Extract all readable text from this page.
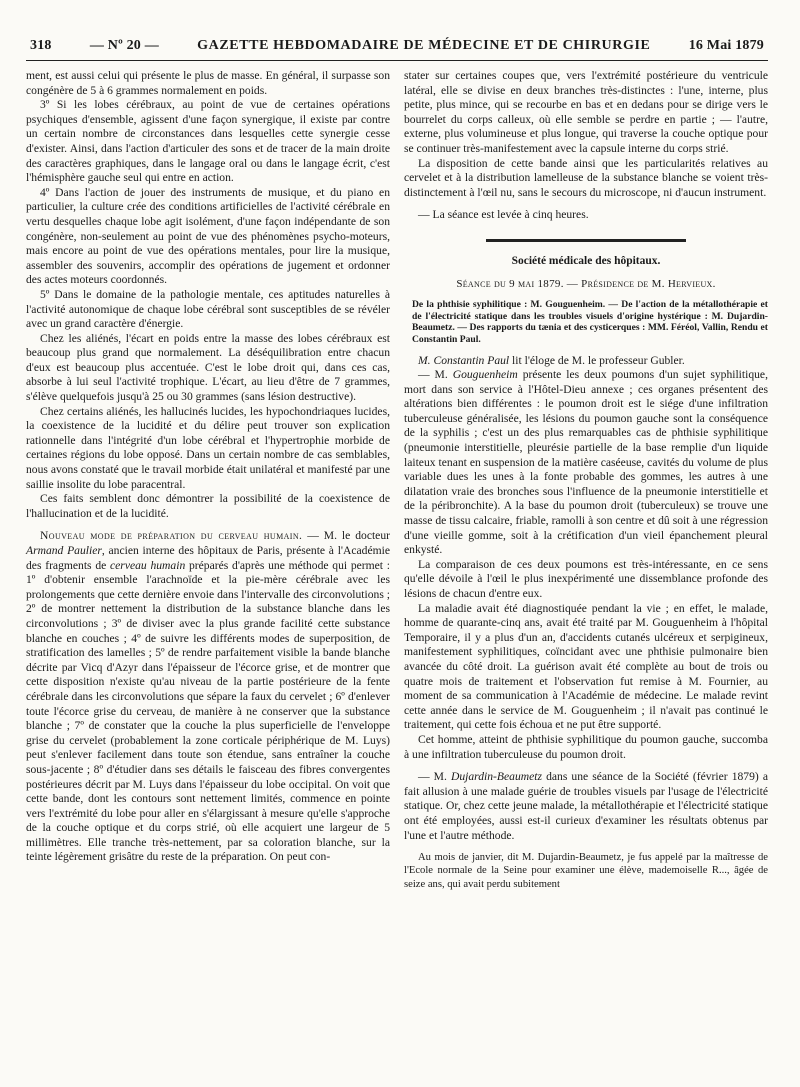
318	— Nº 20 —	GAZETTE HEBDOMADAIRE DE MÉDECINE ET DE CHIRURGIE	16 Mai 1879

ment, est aussi celui qui présente le plus de masse. En général, il surpasse son congénère de 5 à 6 grammes normalement en poids.

3º Si les lobes cérébraux, au point de vue de certaines opérations psychiques d'ensemble, agissent d'une façon synergique, il existe par contre un certain nombre de circonstances dans lesquelles cette synergie cesse d'exister. Ainsi, dans l'action d'articuler des sons et de tracer de la main droite des caractères graphiques, dans le langage oral ou dans le langage écrit, c'est l'hémisphère gauche seul qui entre en action.

4º Dans l'action de jouer des instruments de musique, et du piano en particulier, la culture crée des conditions artificielles de l'activité cérébrale en vertu desquelles chaque lobe agit isolément, d'une façon indépendante de son congénère, non-seulement au point de vue des phénomènes psycho-moteurs, mais encore au point de vue des opérations mentales, pour lire la musique, assembler des souvenirs, accomplir des opérations de jugement et ordonner des actes moteurs coordonnés.

5º Dans le domaine de la pathologie mentale, ces aptitudes naturelles à l'activité autonomique de chaque lobe cérébral sont susceptibles de se révéler avec un grand caractère d'énergie.

Chez les aliénés, l'écart en poids entre la masse des lobes cérébraux est beaucoup plus grand que normalement. La déséquilibration entre chacun d'eux est beaucoup plus accentuée. C'est le lobe droit qui, dans ces cas, absorbe à lui seul l'activité trophique. L'écart, au lieu d'être de 7 grammes, s'élève quelquefois jusqu'à 25 ou 30 grammes (sans lésion destructive).

Chez certains aliénés, les hallucinés lucides, les hypochondriaques lucides, la coexistence de la lucidité et du délire peut trouver son explication rationnelle dans l'intégrité d'un lobe cérébral et l'hypertrophie morbide de certaines régions du lobe opposé. Dans un certain nombre de cas semblables, nous avons constaté que le travail morbide était unilatéral et manifesté par une saillie insolite du lobe paracentral.

Ces faits semblent donc démontrer la possibilité de la coexistence de l'hallucination et de la lucidité.

Nouveau mode de préparation du cerveau humain. — M. le docteur Armand Paulier, ancien interne des hôpitaux de Paris, présente à l'Académie des fragments de cerveau humain préparés d'après une méthode qui permet : 1º d'obtenir ensemble l'arachnoïde et la pie-mère cérébrale avec les prolongements que cette dernière envoie dans l'intervalle des circonvolutions ; 2º de montrer nettement la distribution de la substance blanche dans les circonvolutions ; 3º de diviser avec la plus grande facilité cette substance blanche en couches ; 4º de suivre les différents modes de superposition, de stratification des lamelles ; 5º de rendre parfaitement visible la bande blanche décrite par Vicq d'Azyr dans l'épaisseur de l'écorce grise, et de montrer que cette disposition n'existe qu'au niveau de la partie postérieure de la fente cérébrale dans les circonvolutions que sépare la faux du cervelet ; 6º d'enlever toute l'écorce grise du cerveau, de manière à ne conserver que la substance blanche ; 7º de constater que la couche la plus superficielle de l'enveloppe grise du cervelet (probablement la zone corticale périphérique de M. Luys) peut s'enlever facilement dans toute son étendue, sans entraîner la couche sous-jacente ; 8º d'étudier dans ses détails le faisceau des fibres convergentes postérieures décrit par M. Luys dans l'épaisseur du lobe occipital. On voit que cette bande, dont les contours sont nettement limités, commence en pointe vers l'extrémité du lobe pour aller en s'élargissant à mesure qu'elle s'approche de la couche optique et du corps strié, où elle acquiert une largeur de 5 millimètres. Elle tranche très-nettement, par sa coloration blanche, sur la teinte légèrement grisâtre du reste de la préparation. On peut con-

stater sur certaines coupes que, vers l'extrémité postérieure du ventricule latéral, elle se divise en deux branches très-distinctes : l'une, interne, plus petite, plus mince, qui se recourbe en bas et en dedans pour se dirige vers le bourrelet du corps calleux, où elle semble se perdre en partie ; — l'autre, externe, plus volumineuse et plus longue, qui traverse la couche optique pour se continuer très-manifestement avec la capsule interne du corps strié.

La disposition de cette bande ainsi que les particularités relatives au cervelet et à la distribution lamelleuse de la substance blanche se voient très-distinctement à l'œil nu, sans le secours du microscope, ni d'aucun instrument.

— La séance est levée à cinq heures.

Société médicale des hôpitaux.
Séance du 9 mai 1879. — Présidence de M. Hervieux.
De la phthisie syphilitique : M. Gouguenheim. — De l'action de la métallothérapie et de l'électricité statique dans les troubles visuels d'origine hystérique : M. Dujardin-Beaumetz. — Des rapports du tænia et des cysticerques : MM. Féréol, Vallin, Rendu et Constantin Paul.

M. Constantin Paul lit l'éloge de M. le professeur Gubler.

— M. Gouguenheim présente les deux poumons d'un sujet syphilitique, mort dans son service à l'Hôtel-Dieu annexe ; ces organes présentent des altérations bien différentes : le poumon droit est le siége d'une infiltration tuberculeuse généralisée, les lésions du poumon gauche sont la conséquence de la syphilis ; c'est un des plus remarquables cas de phthisie syphilitique (pneumonie interstitielle, pleurésie partielle de la base remplie d'un liquide laiteux tenant en suspension de la matière caséeuse, cavités du volume de plus variable dues les unes à la fonte probable des gommes, les autres à une dilatation vraie des bronches sous l'influence de la pneumonie interstitielle et de la péribronchite). A la base du poumon droit (tuberculeux) se trouve une masse de tissu calcaire, friable, ramolli à son centre et dû soit à une régression d'une vieille gomme, soit à la crétification d'un vieil épanchement pleural enkysté.

La comparaison de ces deux poumons est très-intéressante, en ce sens qu'elle dévoile à l'œil le plus inexpérimenté une dissemblance profonde des lésions de chacun d'entre eux.

La maladie avait été diagnostiquée pendant la vie ; en effet, le malade, homme de quarante-cinq ans, avait été traité par M. Gouguenheim à l'hôpital Temporaire, il y a plus d'un an, d'accidents cutanés ulcéreux et serpigineux, manifestement syphilitiques, coïncidant avec une phthisie pulmonaire bien avancée du côté droit. La guérison avait été complète au bout de trois ou quatre mois de traitement et l'observation fut remise à M. Fournier, au moment de sa communication à l'Académie de médecine. Le malade revint cette année dans le service de M. Gouguenheim ; il n'avait pas continué le traitement, qui cette fois échoua et ne put être supporté.

Cet homme, atteint de phthisie syphilitique du poumon gauche, succomba à une infiltration tuberculeuse du poumon droit.

— M. Dujardin-Beaumetz dans une séance de la Société (février 1879) a fait allusion à une malade guérie de troubles visuels par l'usage de l'électricité statique. Or, chez cette jeune malade, la métallothérapie et l'électricité statique ont été employées, aussi est-il curieux d'examiner les résultats obtenus par l'une et l'autre méthode.

Au mois de janvier, dit M. Dujardin-Beaumetz, je fus appelé par la maîtresse de l'Ecole normale de la Seine pour examiner une élève, mademoiselle R..., âgée de seize ans, qui avait perdu subitement
